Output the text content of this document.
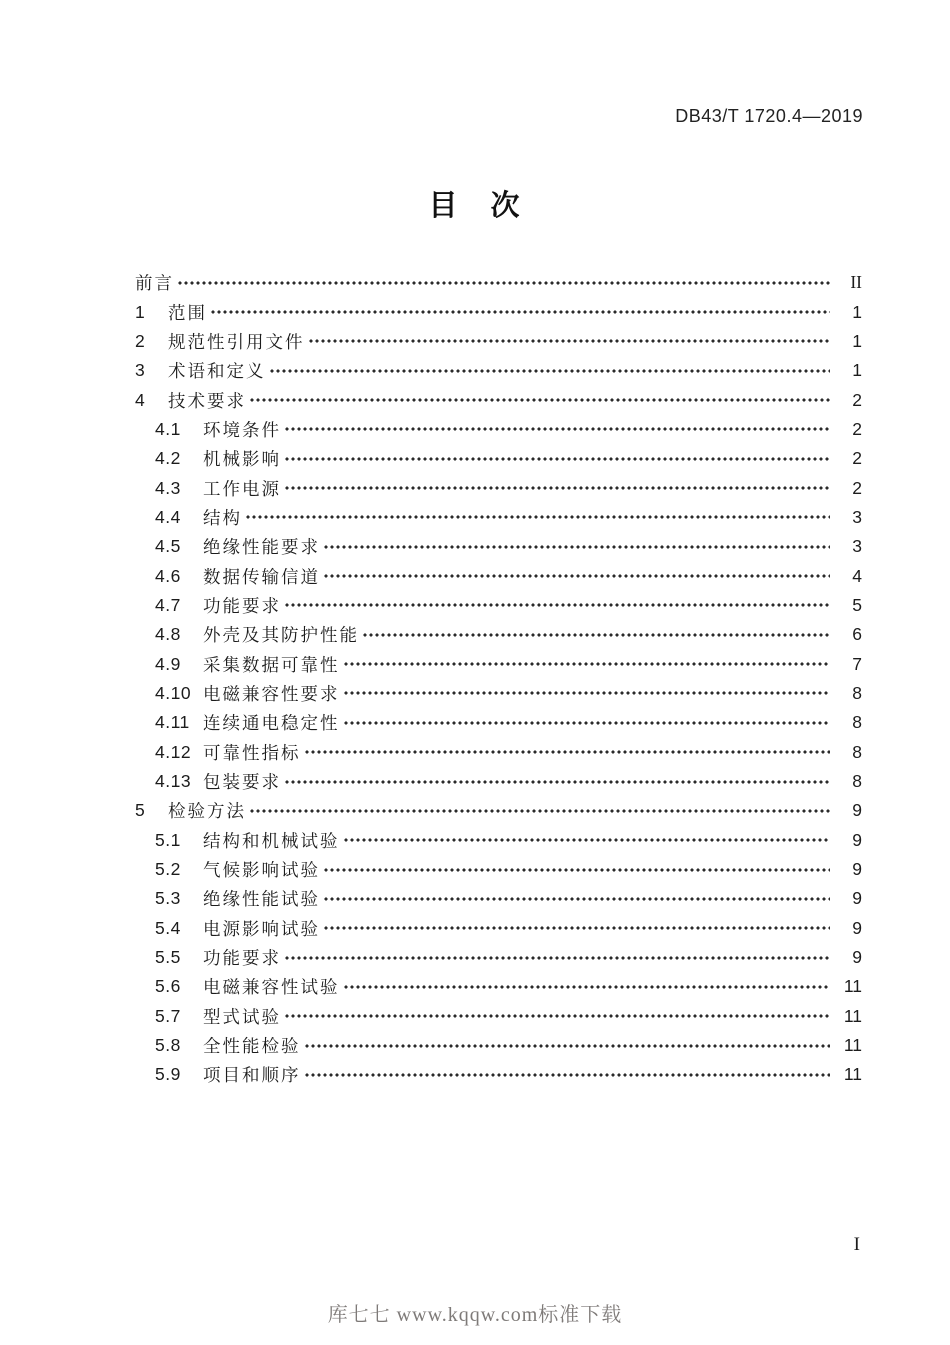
DB43/T 1720.4—2019
目　次
前言	II
1	范围	1
2	规范性引用文件	1
3	术语和定义	1
4	技术要求	2
4.1	环境条件	2
4.2	机械影响	2
4.3	工作电源	2
4.4	结构	3
4.5	绝缘性能要求	3
4.6	数据传输信道	4
4.7	功能要求	5
4.8	外壳及其防护性能	6
4.9	采集数据可靠性	7
4.10 电磁兼容性要求	8
4.11 连续通电稳定性	8
4.12 可靠性指标	8
4.13 包装要求	8
5	检验方法	9
5.1	结构和机械试验	9
5.2	气候影响试验	9
5.3	绝缘性能试验	9
5.4	电源影响试验	9
5.5	功能要求	9
5.6	电磁兼容性试验	11
5.7	型式试验	11
5.8	全性能检验	11
5.9	项目和顺序	11
I
库七七 www.kqqw.com标准下载
